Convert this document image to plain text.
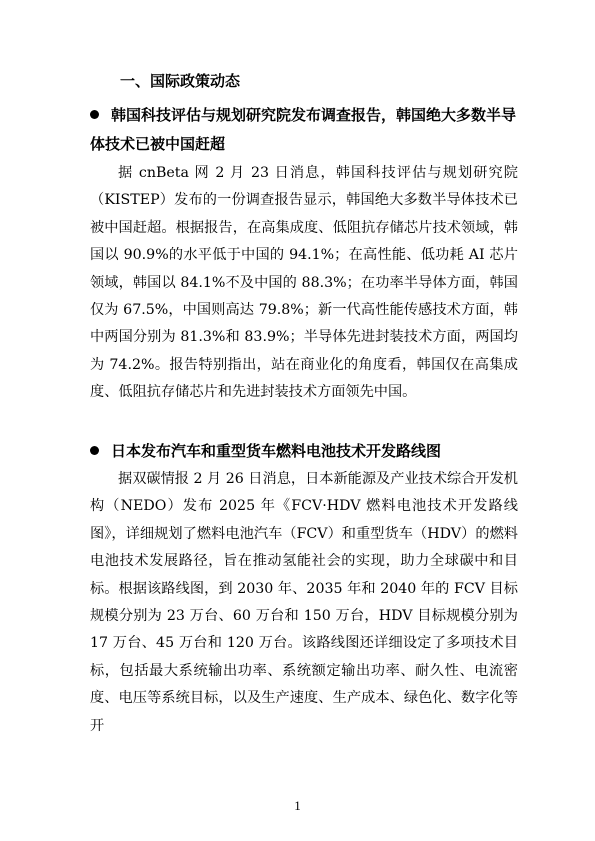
一、国际政策动态
韩国科技评估与规划研究院发布调查报告，韩国绝大多数半导体技术已被中国赶超
据 cnBeta 网 2 月 23 日消息，韩国科技评估与规划研究院（KISTEP）发布的一份调查报告显示，韩国绝大多数半导体技术已被中国赶超。根据报告，在高集成度、低阻抗存储芯片技术领域，韩国以 90.9%的水平低于中国的 94.1%；在高性能、低功耗 AI 芯片领域，韩国以 84.1%不及中国的 88.3%；在功率半导体方面，韩国仅为 67.5%，中国则高达 79.8%；新一代高性能传感技术方面，韩中两国分别为 81.3%和 83.9%；半导体先进封装技术方面，两国均为 74.2%。报告特别指出，站在商业化的角度看，韩国仅在高集成度、低阻抗存储芯片和先进封装技术方面领先中国。
日本发布汽车和重型货车燃料电池技术开发路线图
据双碳情报 2 月 26 日消息，日本新能源及产业技术综合开发机构（NEDO）发布 2025 年《FCV·HDV 燃料电池技术开发路线图》，详细规划了燃料电池汽车（FCV）和重型货车（HDV）的燃料电池技术发展路径，旨在推动氢能社会的实现，助力全球碳中和目标。根据该路线图，到 2030 年、2035 年和 2040 年的 FCV 目标规模分别为 23 万台、60 万台和 150 万台，HDV 目标规模分别为 17 万台、45 万台和 120 万台。该路线图还详细设定了多项技术目标，包括最大系统输出功率、系统额定输出功率、耐久性、电流密度、电压等系统目标，以及生产速度、生产成本、绿色化、数字化等开
1
